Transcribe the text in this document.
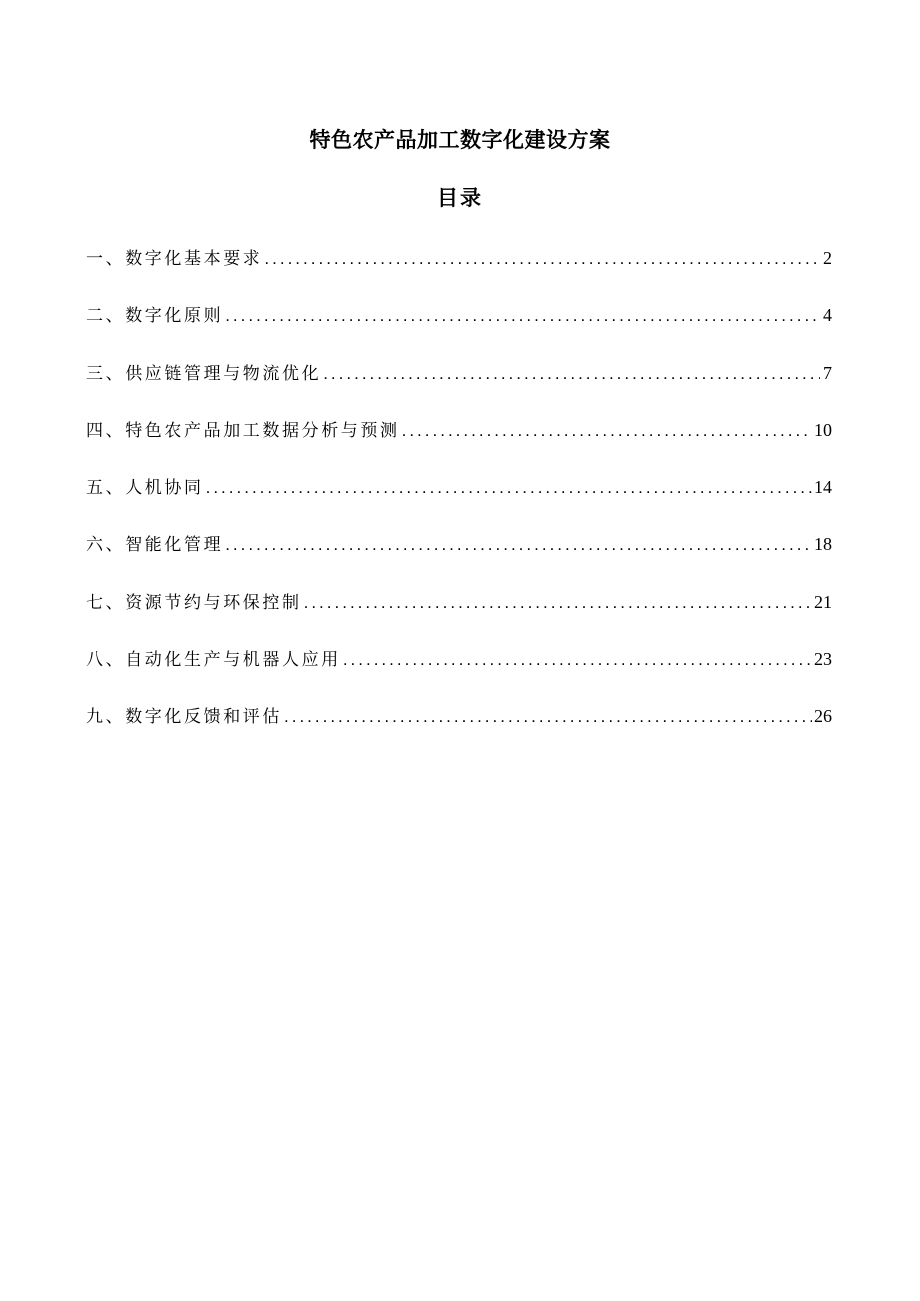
特色农产品加工数字化建设方案
目录
一、数字化基本要求 .....	2
二、数字化原则 .....	4
三、供应链管理与物流优化 .....	7
四、特色农产品加工数据分析与预测 .....	10
五、人机协同 .....	14
六、智能化管理 .....	18
七、资源节约与环保控制 .....	21
八、自动化生产与机器人应用 .....	23
九、数字化反馈和评估 .....	26
